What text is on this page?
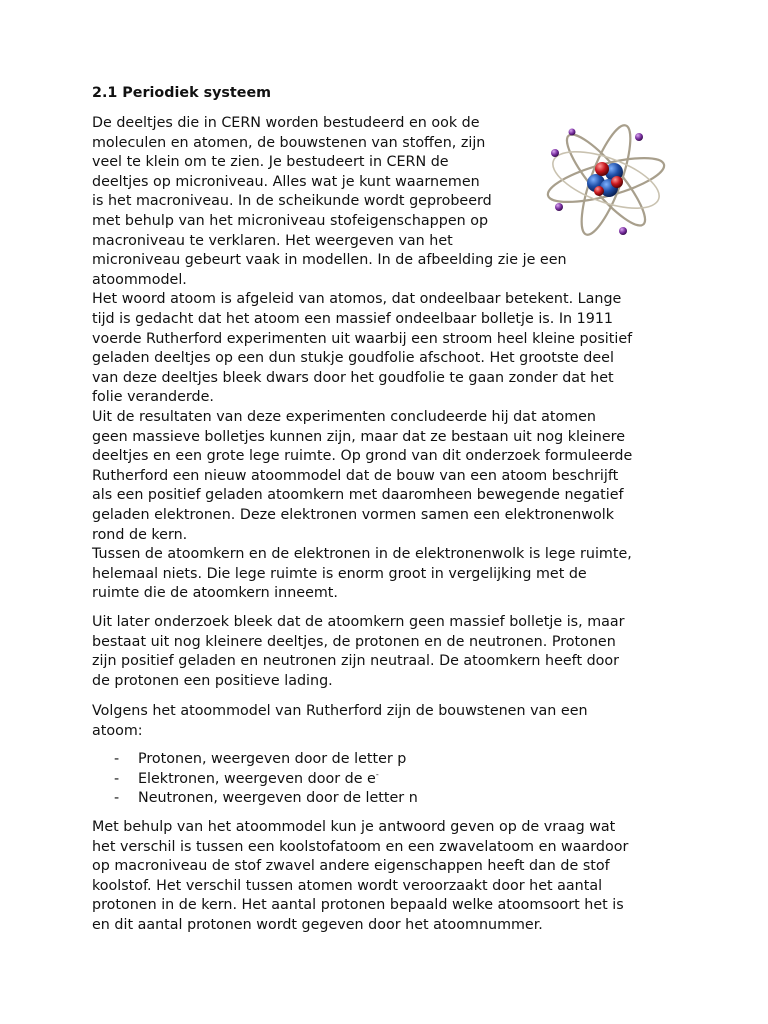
2.1 Periodiek systeem
De deeltjes die in CERN worden bestudeerd en ook de
moleculen en atomen, de bouwstenen van stoffen, zijn
veel te klein om te zien. Je bestudeert in CERN de
deeltjes op microniveau. Alles wat je kunt waarnemen
is het macroniveau. In de scheikunde wordt geprobeerd
met behulp van het microniveau stofeigenschappen op
macroniveau te verklaren. Het weergeven van het
microniveau gebeurt vaak in modellen. In de afbeelding zie je een
atoommodel.
Het woord atoom is afgeleid van atomos, dat ondeelbaar betekent. Lange
tijd is gedacht dat het atoom een massief ondeelbaar bolletje is. In 1911
voerde Rutherford experimenten uit waarbij een stroom heel kleine positief
geladen deeltjes op een dun stukje goudfolie afschoot. Het grootste deel
van deze deeltjes bleek dwars door het goudfolie te gaan zonder dat het
folie veranderde.
Uit de resultaten van deze experimenten concludeerde hij dat atomen
geen massieve bolletjes kunnen zijn, maar dat ze bestaan uit nog kleinere
deeltjes en een grote lege ruimte. Op grond van dit onderzoek formuleerde
Rutherford een nieuw atoommodel dat de bouw van een atoom beschrijft
als een positief geladen atoomkern met daaromheen bewegende negatief
geladen elektronen. Deze elektronen vormen samen een elektronenwolk
rond de kern.
Tussen de atoomkern en de elektronen in de elektronenwolk is lege ruimte,
helemaal niets. Die lege ruimte is enorm groot in vergelijking met de
ruimte die de atoomkern inneemt.
Uit later onderzoek bleek dat de atoomkern geen massief bolletje is, maar
bestaat uit nog kleinere deeltjes, de protonen en de neutronen. Protonen
zijn positief geladen en neutronen zijn neutraal. De atoomkern heeft door
de protonen een positieve lading.
Volgens het atoommodel van Rutherford zijn de bouwstenen van een
atoom:
- Protonen, weergeven door de letter p
- Elektronen, weergeven door de e-
- Neutronen, weergeven door de letter n
Met behulp van het atoommodel kun je antwoord geven op de vraag wat
het verschil is tussen een koolstofatoom en een zwavelatoom en waardoor
op macroniveau de stof zwavel andere eigenschappen heeft dan de stof
koolstof. Het verschil tussen atomen wordt veroorzaakt door het aantal
protonen in de kern. Het aantal protonen bepaald welke atoomsoort het is
en dit aantal protonen wordt gegeven door het atoomnummer.
